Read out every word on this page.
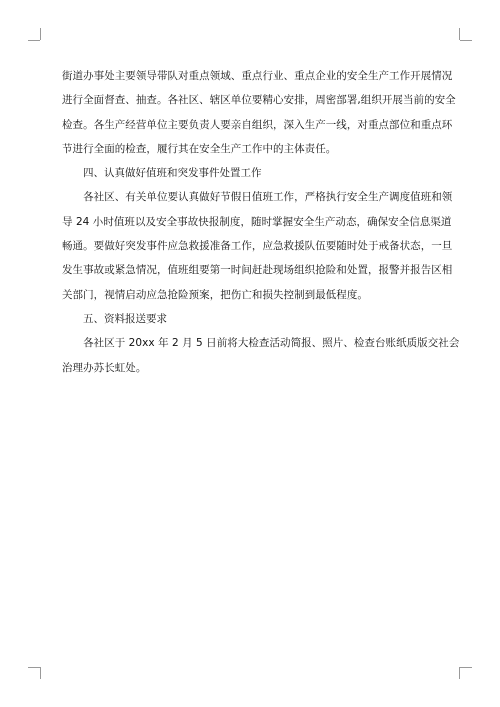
街道办事处主要领导带队对重点领域、重点行业、重点企业的安全生产工作开展情况
进行全面督查、抽查。各社区、辖区单位要精心安排，周密部署,组织开展当前的安全
检查。各生产经营单位主要负责人要亲自组织，深入生产一线，对重点部位和重点环
节进行全面的检查，履行其在安全生产工作中的主体责任。

四、认真做好值班和突发事件处置工作

　　各社区、有关单位要认真做好节假日值班工作，严格执行安全生产调度值班和领
导 24 小时值班以及安全事故快报制度，随时掌握安全生产动态，确保安全信息渠道
畅通。要做好突发事件应急救援准备工作，应急救援队伍要随时处于戒备状态，一旦
发生事故或紧急情况，值班组要第一时间赶赴现场组织抢险和处置，报警并报告区相
关部门，视情启动应急抢险预案，把伤亡和损失控制到最低程度。

五、资料报送要求

　　各社区于 20xx 年 2 月 5 日前将大检查活动简报、照片、检查台账纸质版交社会
治理办苏长虹处。
